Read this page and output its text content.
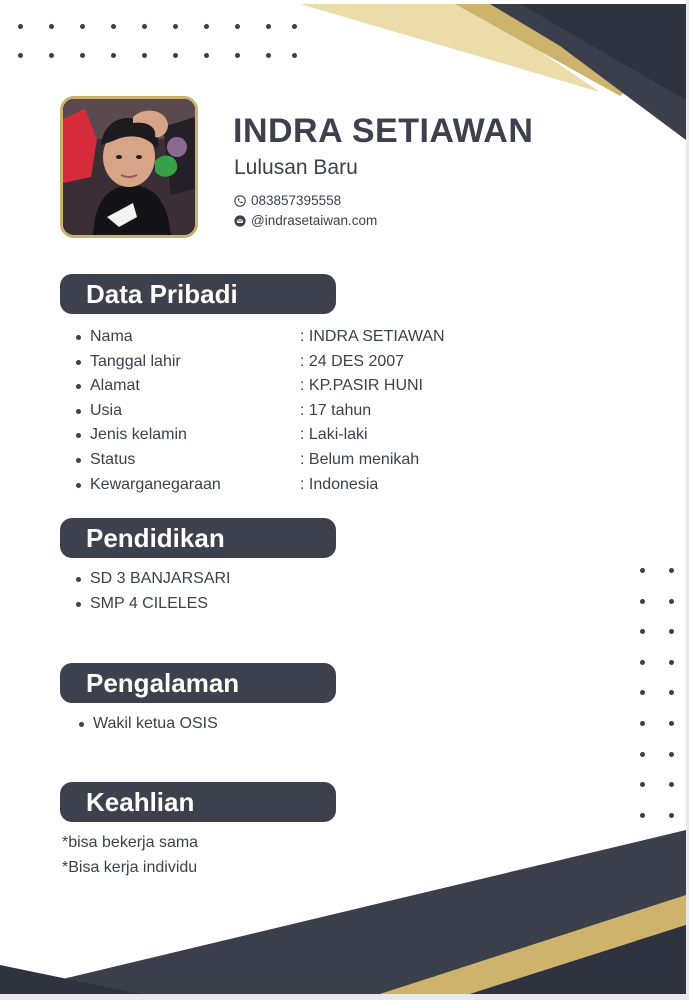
INDRA SETIAWAN
Lulusan Baru
083857395558
@indrasetaiwan.com
Data Pribadi
Nama	: INDRA SETIAWAN
Tanggal lahir	: 24 DES 2007
Alamat	: KP.PASIR HUNI
Usia	: 17 tahun
Jenis kelamin	: Laki-laki
Status	: Belum menikah
Kewarganegaraan	: Indonesia
Pendidikan
SD 3 BANJARSARI
SMP 4 CILELES
Pengalaman
Wakil ketua OSIS
Keahlian
*bisa bekerja sama
*Bisa kerja individu
